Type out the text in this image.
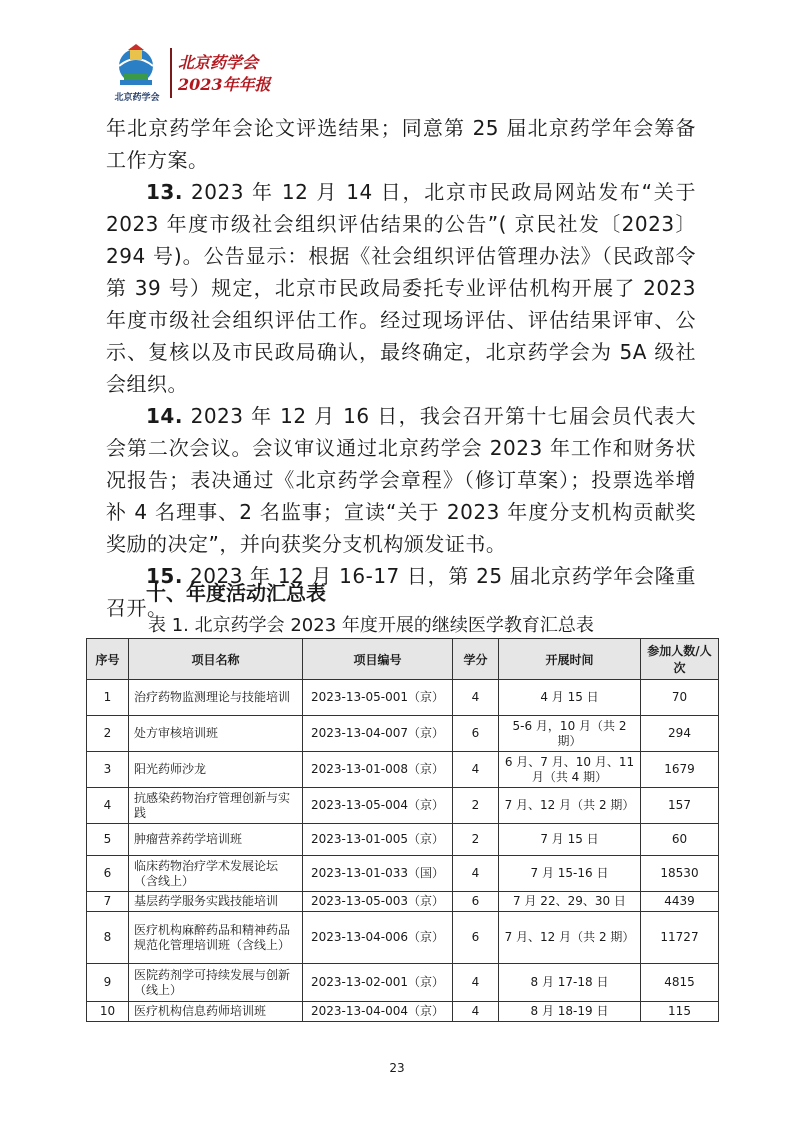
北京药学会
北京药学会
2023年年报

年北京药学年会论文评选结果；同意第 25 届北京药学年会筹备工作方案。

13. 2023 年 12 月 14 日，北京市民政局网站发布“关于 2023 年度市级社会组织评估结果的公告”( 京民社发〔2023〕294 号)。公告显示：根据《社会组织评估管理办法》（民政部令第 39 号）规定，北京市民政局委托专业评估机构开展了 2023 年度市级社会组织评估工作。经过现场评估、评估结果评审、公示、复核以及市民政局确认，最终确定，北京药学会为 5A 级社会组织。

14. 2023 年 12 月 16 日，我会召开第十七届会员代表大会第二次会议。会议审议通过北京药学会 2023 年工作和财务状况报告；表决通过《北京药学会章程》（修订草案）；投票选举增补 4 名理事、2 名监事；宣读“关于 2023 年度分支机构贡献奖奖励的决定”，并向获奖分支机构颁发证书。

15. 2023 年 12 月 16-17 日，第 25 届北京药学年会隆重召开。

十、年度活动汇总表
表 1. 北京药学会 2023 年度开展的继续医学教育汇总表
序号	项目名称	项目编号	学分	开展时间	参加人数/人次
1	治疗药物监测理论与技能培训	2023-13-05-001（京）	4	4 月 15 日	70
2	处方审核培训班	2023-13-04-007（京）	6	5-6 月，10 月（共 2 期）	294
3	阳光药师沙龙	2023-13-01-008（京）	4	6 月、7 月、10 月、11 月（共 4 期）	1679
4	抗感染药物治疗管理创新与实践	2023-13-05-004（京）	2	7 月、12 月（共 2 期）	157
5	肿瘤营养药学培训班	2023-13-01-005（京）	2	7 月 15 日	60
6	临床药物治疗学术发展论坛（含线上）	2023-13-01-033（国）	4	7 月 15-16 日	18530
7	基层药学服务实践技能培训	2023-13-05-003（京）	6	7 月 22、29、30 日	4439
8	医疗机构麻醉药品和精神药品规范化管理培训班（含线上）	2023-13-04-006（京）	6	7 月、12 月（共 2 期）	11727
9	医院药剂学可持续发展与创新（线上）	2023-13-02-001（京）	4	8 月 17-18 日	4815
10	医疗机构信息药师培训班	2023-13-04-004（京）	4	8 月 18-19 日	115
23
